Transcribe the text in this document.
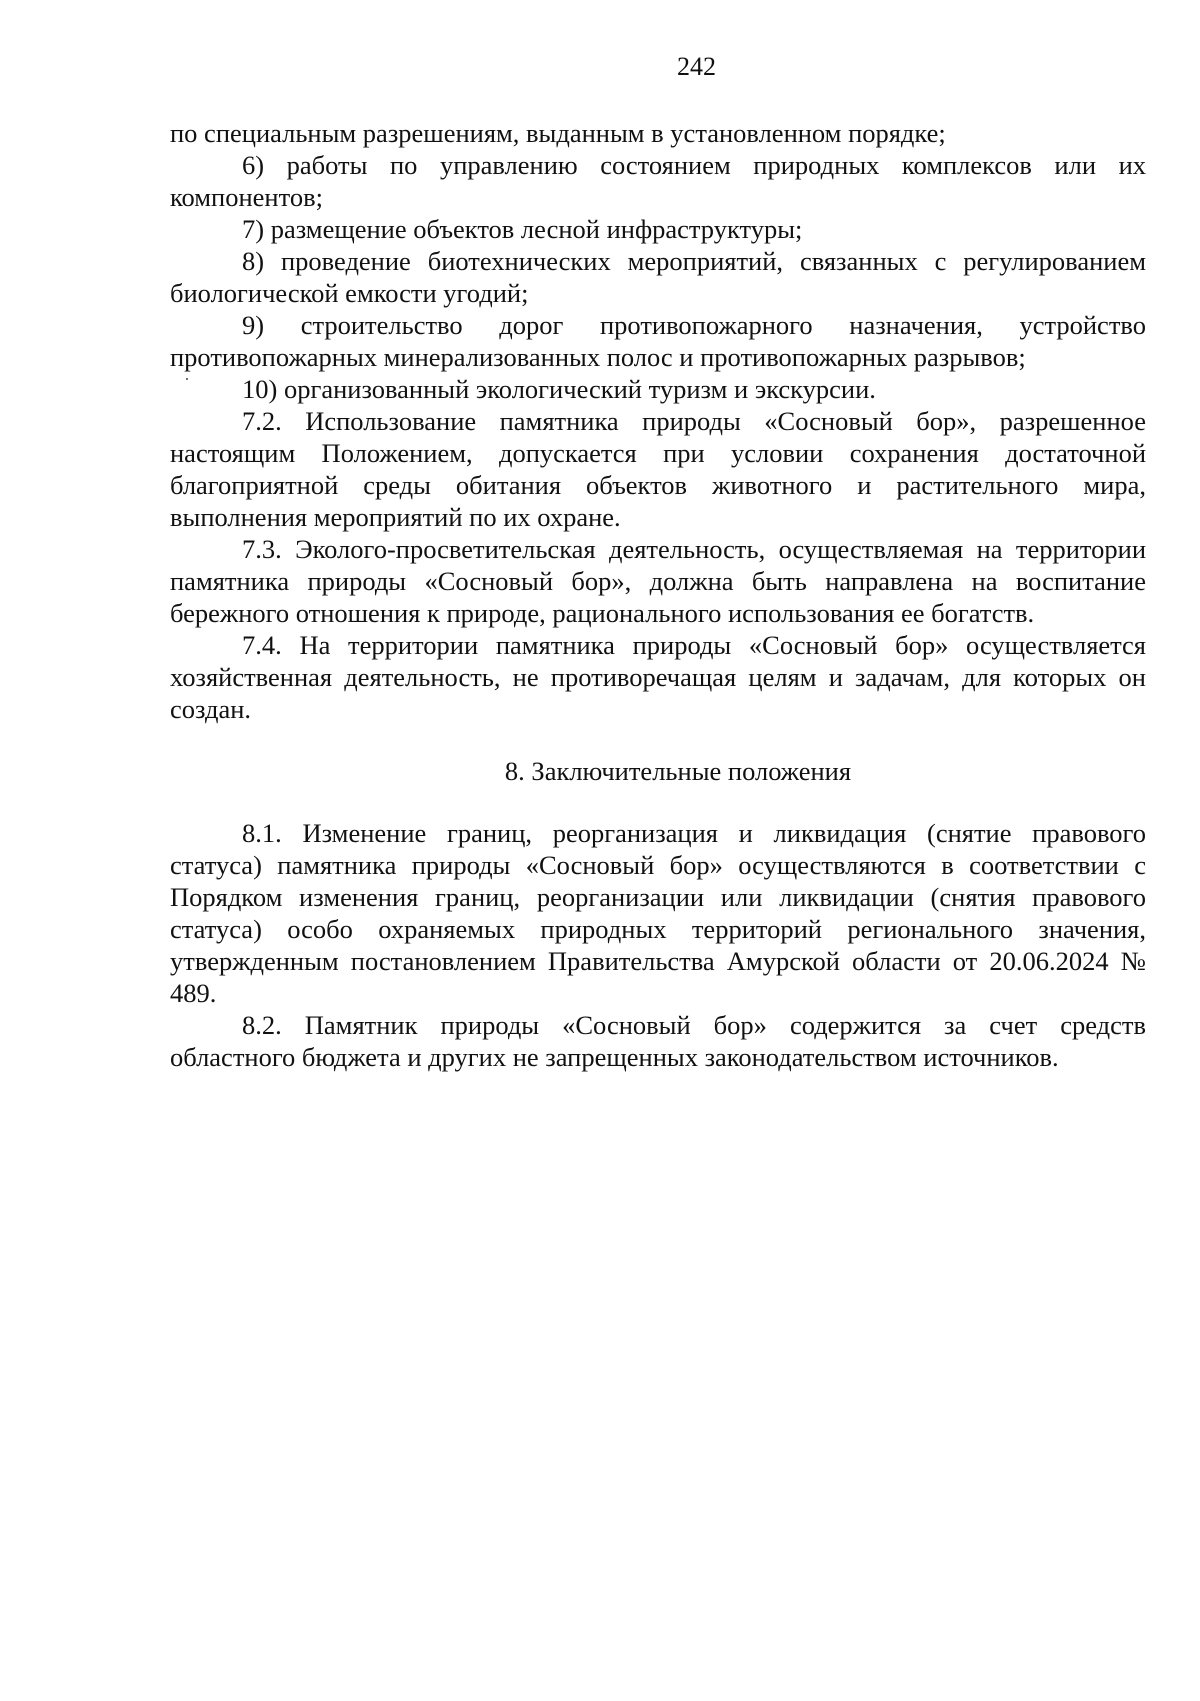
242

по специальным разрешениям, выданным в установленном порядке;

6) работы по управлению состоянием природных комплексов или их компонентов;

7) размещение объектов лесной инфраструктуры;

8) проведение биотехнических мероприятий, связанных с регулированием биологической емкости угодий;

9) строительство дорог противопожарного назначения, устройство противопожарных минерализованных полос и противопожарных разрывов;

10) организованный экологический туризм и экскурсии.

7.2. Использование памятника природы «Сосновый бор», разрешенное настоящим Положением, допускается при условии сохранения достаточной благоприятной среды обитания объектов животного и растительного мира, выполнения мероприятий по их охране.

7.3. Эколого-просветительская деятельность, осуществляемая на территории памятника природы «Сосновый бор», должна быть направлена на воспитание бережного отношения к природе, рационального использования ее богатств.

7.4. На территории памятника природы «Сосновый бор» осуществляется хозяйственная деятельность, не противоречащая целям и задачам, для которых он создан.

8. Заключительные положения

8.1. Изменение границ, реорганизация и ликвидация (снятие правового статуса) памятника природы «Сосновый бор» осуществляются в соответствии с Порядком изменения границ, реорганизации или ликвидации (снятия правового статуса) особо охраняемых природных территорий регионального значения, утвержденным постановлением Правительства Амурской области от 20.06.2024 № 489.

8.2. Памятник природы «Сосновый бор» содержится за счет средств областного бюджета и других не запрещенных законодательством источников.
